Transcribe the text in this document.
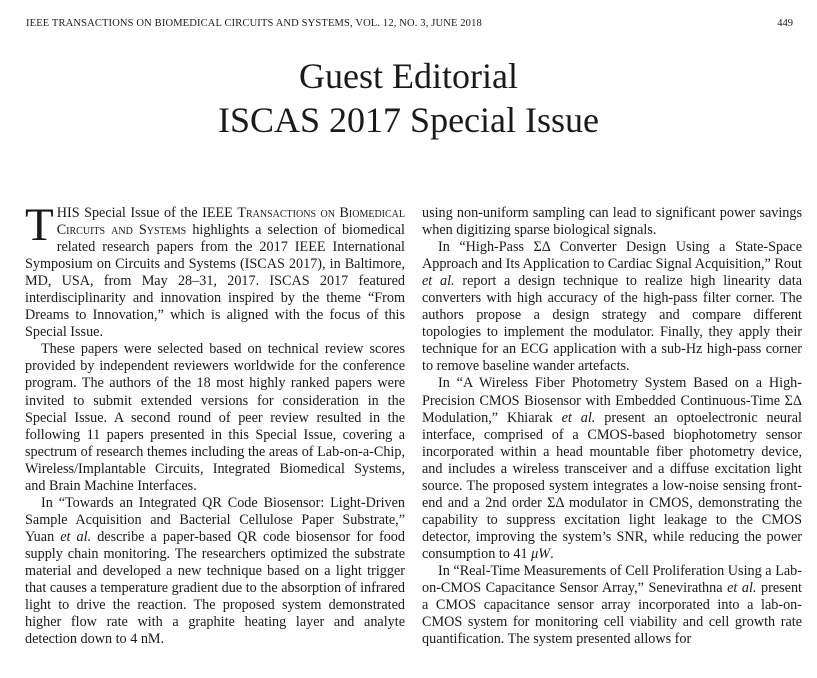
IEEE TRANSACTIONS ON BIOMEDICAL CIRCUITS AND SYSTEMS, VOL. 12, NO. 3, JUNE 2018	449
Guest Editorial
ISCAS 2017 Special Issue

THIS Special Issue of the IEEE Transactions on Biomedical Circuits and Systems highlights a selection of biomedical related research papers from the 2017 IEEE International Symposium on Circuits and Systems (ISCAS 2017), in Baltimore, MD, USA, from May 28–31, 2017. ISCAS 2017 featured interdisciplinarity and innovation inspired by the theme “From Dreams to Innovation,” which is aligned with the focus of this Special Issue.

These papers were selected based on technical review scores provided by independent reviewers worldwide for the conference program. The authors of the 18 most highly ranked papers were invited to submit extended versions for consideration in the Special Issue. A second round of peer review resulted in the following 11 papers presented in this Special Issue, covering a spectrum of research themes including the areas of Lab-on-a-Chip, Wireless/Implantable Circuits, Integrated Biomedical Systems, and Brain Machine Interfaces.

In “Towards an Integrated QR Code Biosensor: Light-Driven Sample Acquisition and Bacterial Cellulose Paper Substrate,” Yuan et al. describe a paper-based QR code biosensor for food supply chain monitoring. The researchers optimized the substrate material and developed a new technique based on a light trigger that causes a temperature gradient due to the absorption of infrared light to drive the reaction. The proposed system demonstrated higher flow rate with a graphite heating layer and analyte detection down to 4 nM.

using non-uniform sampling can lead to significant power savings when digitizing sparse biological signals.

In “High-Pass ΣΔ Converter Design Using a State-Space Approach and Its Application to Cardiac Signal Acquisition,” Rout et al. report a design technique to realize high linearity data converters with high accuracy of the high-pass filter corner. The authors propose a design strategy and compare different topologies to implement the modulator. Finally, they apply their technique for an ECG application with a sub-Hz high-pass corner to remove baseline wander artefacts.

In “A Wireless Fiber Photometry System Based on a High-Precision CMOS Biosensor with Embedded Continuous-Time ΣΔ Modulation,” Khiarak et al. present an optoelectronic neural interface, comprised of a CMOS-based biophotometry sensor incorporated within a head mountable fiber photometry device, and includes a wireless transceiver and a diffuse excitation light source. The proposed system integrates a low-noise sensing front-end and a 2nd order ΣΔ modulator in CMOS, demonstrating the capability to suppress excitation light leakage to the CMOS detector, improving the system’s SNR, while reducing the power consumption to 41 μW.

In “Real-Time Measurements of Cell Proliferation Using a Lab-on-CMOS Capacitance Sensor Array,” Senevirathna et al. present a CMOS capacitance sensor array incorporated into a lab-on-CMOS system for monitoring cell viability and cell growth rate quantification. The system presented allows for
